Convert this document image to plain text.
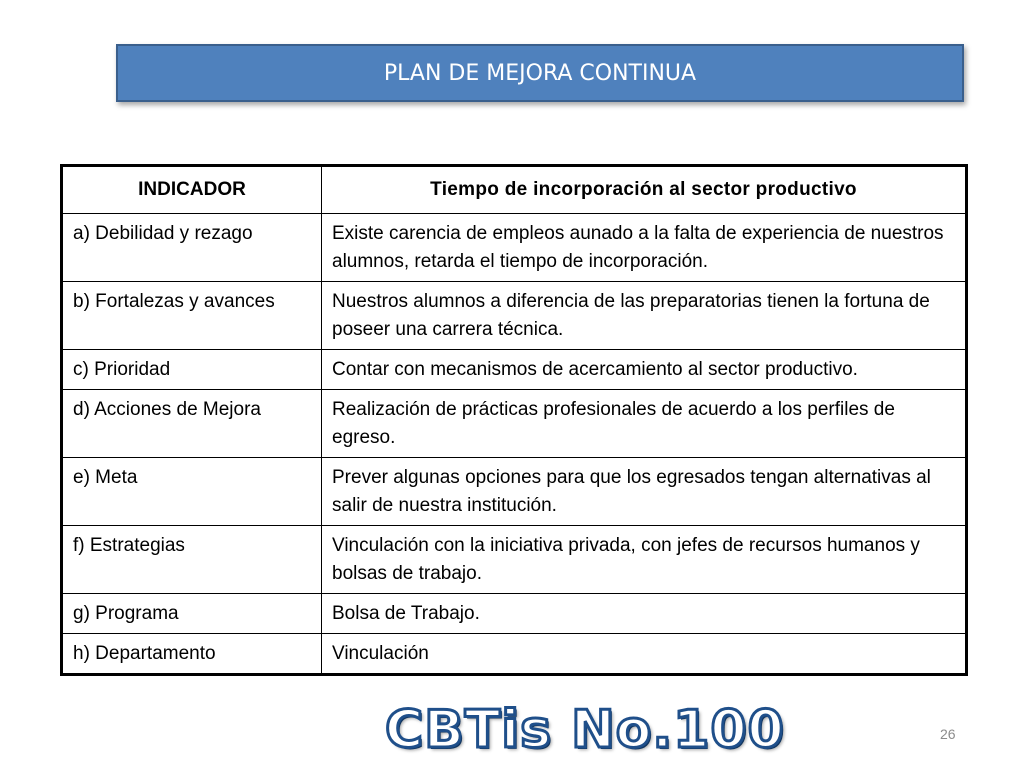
PLAN DE MEJORA CONTINUA
INDICADOR	Tiempo de incorporación al sector productivo
a) Debilidad y rezago	Existe carencia de empleos aunado a la falta de experiencia de nuestros alumnos, retarda el tiempo de incorporación.
b) Fortalezas y avances	Nuestros alumnos a diferencia de las preparatorias tienen la fortuna de poseer una carrera técnica.
c) Prioridad	Contar con mecanismos de acercamiento al sector productivo.
d) Acciones de Mejora	Realización de prácticas profesionales de acuerdo a los perfiles de egreso.
e) Meta	Prever algunas opciones para que los egresados tengan alternativas al salir de nuestra institución.
f) Estrategias	Vinculación con la iniciativa privada, con jefes de recursos humanos y bolsas de trabajo.
g) Programa	Bolsa de Trabajo.
h) Departamento	Vinculación
CBTis No.100	26
